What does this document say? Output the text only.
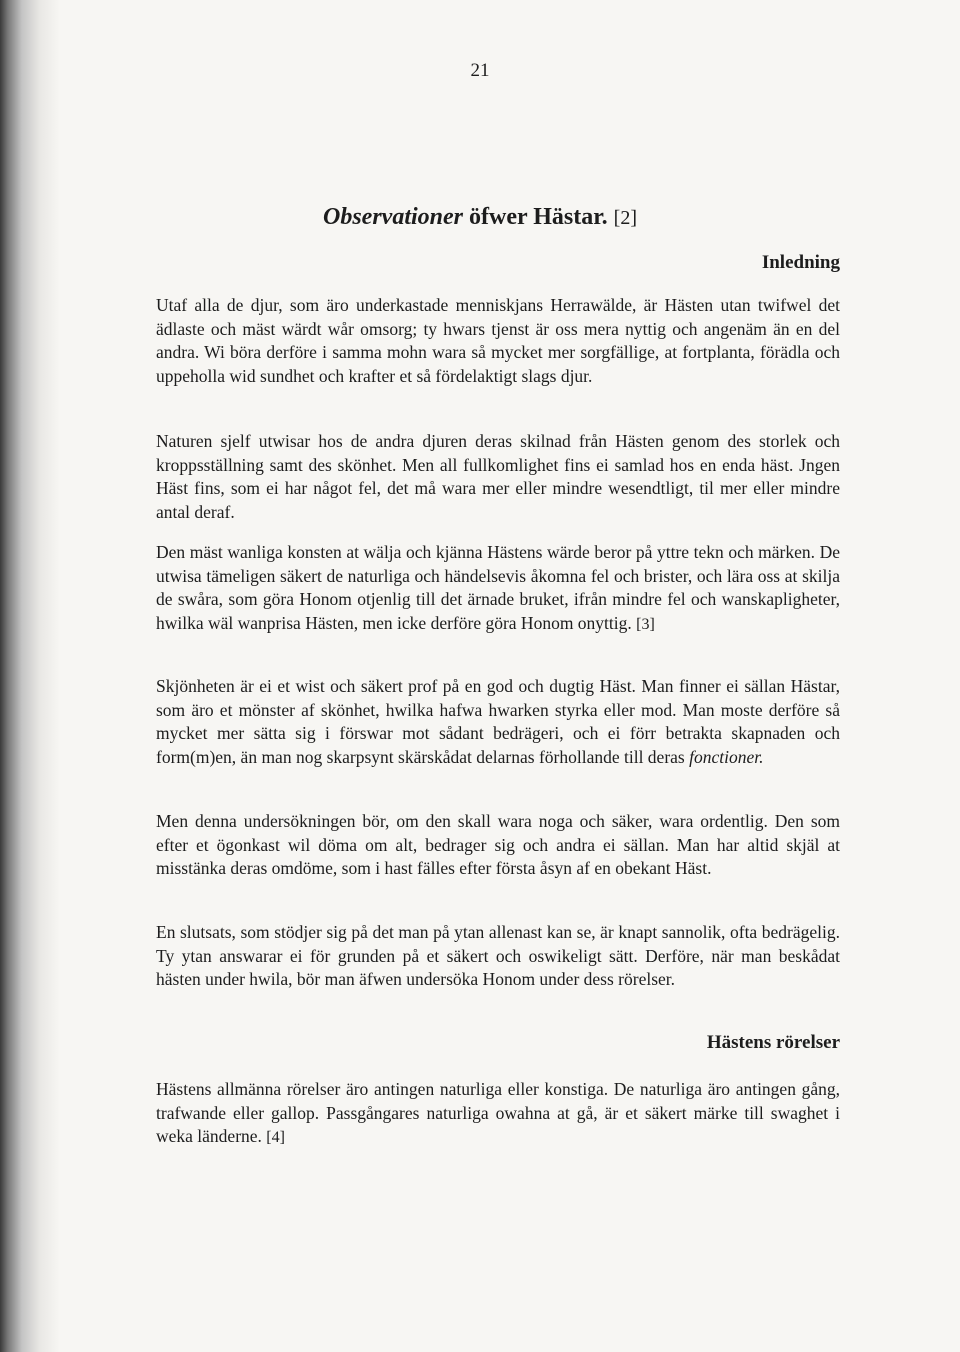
21
Observationer öfwer Hästar. [2]
Inledning

Utaf alla de djur, som äro underkastade menniskjans Herrawälde, är Hästen utan twifwel det ädlaste och mäst wärdt wår omsorg; ty hwars tjenst är oss mera nyttig och angenäm än en del andra. Wi böra derföre i samma mohn wara så mycket mer sorgfällige, at fortplanta, förädla och uppeholla wid sundhet och krafter et så fördelaktigt slags djur.

Naturen sjelf utwisar hos de andra djuren deras skilnad från Hästen genom des storlek och kroppsställning samt des skönhet. Men all fullkomlighet fins ei samlad hos en enda häst. Jngen Häst fins, som ei har något fel, det må wara mer eller mindre wesendtligt, til mer eller mindre antal deraf.

Den mäst wanliga konsten at wälja och kjänna Hästens wärde beror på yttre tekn och märken. De utwisa tämeligen säkert de naturliga och händelsevis åkomna fel och brister, och lära oss at skilja de swåra, som göra Honom otjenlig till det ärnade bruket, ifrån mindre fel och wanskapligheter, hwilka wäl wanprisa Hästen, men icke derföre göra Honom onyttig. [3]

Skjönheten är ei et wist och säkert prof på en god och dugtig Häst. Man finner ei sällan Hästar, som äro et mönster af skönhet, hwilka hafwa hwarken styrka eller mod. Man moste derföre så mycket mer sätta sig i förswar mot sådant bedrägeri, och ei förr betrakta skapnaden och form(m)en, än man nog skarpsynt skärskådat delarnas förhollande till deras fonctioner.

Men denna undersökningen bör, om den skall wara noga och säker, wara ordentlig. Den som efter et ögonkast wil döma om alt, bedrager sig och andra ei sällan. Man har altid skjäl at misstänka deras omdöme, som i hast fälles efter första åsyn af en obekant Häst.

En slutsats, som stödjer sig på det man på ytan allenast kan se, är knapt sannolik, ofta bedrägelig. Ty ytan answarar ei för grunden på et säkert och oswikeligt sätt. Derföre, när man beskådat hästen under hwila, bör man äfwen undersöka Honom under dess rörelser.

Hästens rörelser

Hästens allmänna rörelser äro antingen naturliga eller konstiga. De naturliga äro antingen gång, trafwande eller gallop. Passgångares naturliga owahna at gå, är et säkert märke till swaghet i weka länderne. [4]
